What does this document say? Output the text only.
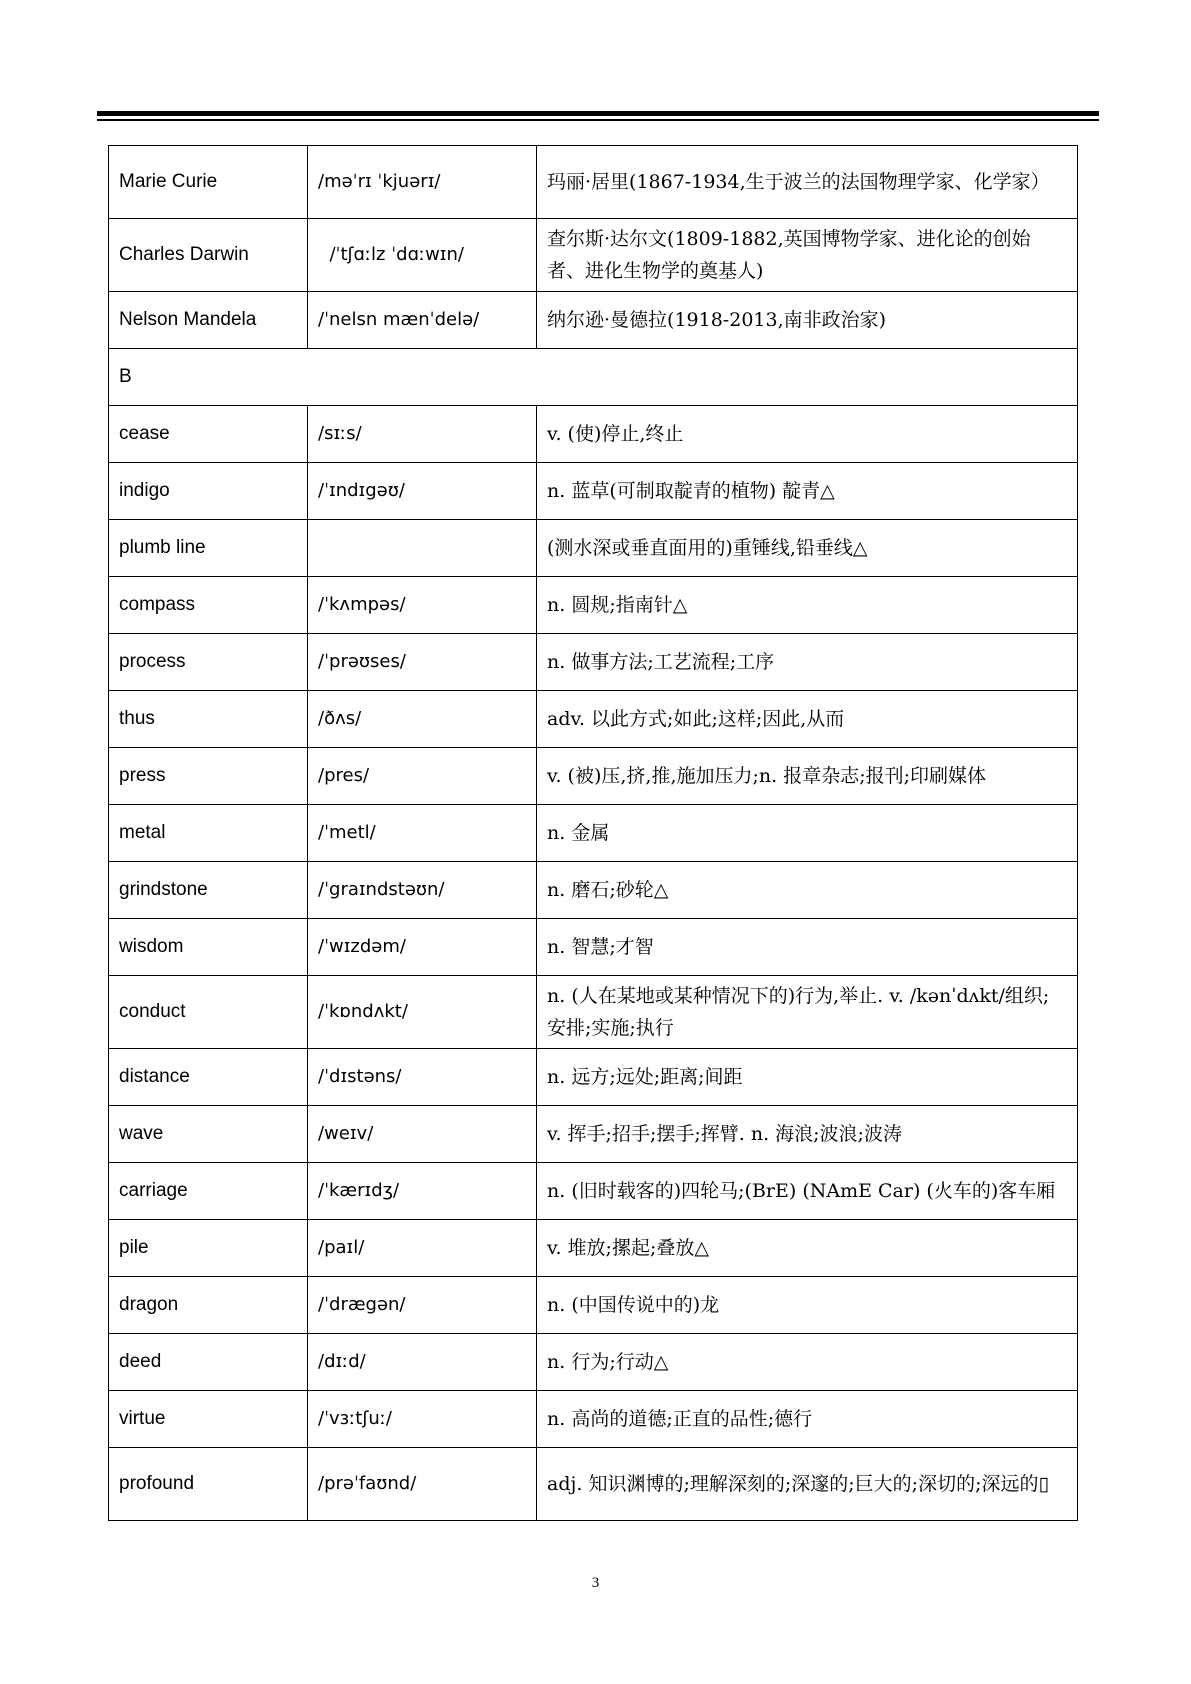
Marie Curie	/məˈrɪ ˈkjuərɪ/	玛丽·居里(1867-1934,生于波兰的法国物理学家、化学家）
Charles Darwin	/ˈtʃɑːlz ˈdɑːwɪn/	查尔斯·达尔文(1809-1882,英国博物学家、进化论的创始者、进化生物学的奠基人)
Nelson Mandela	/ˈnelsn mænˈdelə/	纳尔逊·曼德拉(1918-2013,南非政治家)
B		
cease	/sɪːs/	v. (使)停止,终止
indigo	/ˈɪndɪgəʊ/	n. 蓝草(可制取靛青的植物) 靛青△
plumb line		(测水深或垂直面用的)重锤线,铅垂线△
compass	/ˈkʌmpəs/	n. 圆规;指南针△
process	/ˈprəʊses/	n. 做事方法;工艺流程;工序
thus	/ðʌs/	adv. 以此方式;如此;这样;因此,从而
press	/pres/	v. (被)压,挤,推,施加压力;n. 报章杂志;报刊;印刷媒体
metal	/ˈmetl/	n. 金属
grindstone	/ˈgraɪndstəʊn/	n. 磨石;砂轮△
wisdom	/ˈwɪzdəm/	n. 智慧;才智
conduct	/ˈkɒndʌkt/	n. (人在某地或某种情况下的)行为,举止. v. /kənˈdʌkt/组织;安排;实施;执行
distance	/ˈdɪstəns/	n. 远方;远处;距离;间距
wave	/weɪv/	v. 挥手;招手;摆手;挥臂. n. 海浪;波浪;波涛
carriage	/ˈkærɪdʒ/	n. (旧时载客的)四轮马;(BrE) (NAmE Car) (火车的)客车厢
pile	/paɪl/	v. 堆放;摞起;叠放△
dragon	/ˈdrægən/	n. (中国传说中的)龙
deed	/dɪːd/	n. 行为;行动△
virtue	/ˈvɜːtʃuː/	n. 高尚的道德;正直的品性;德行
profound	/prəˈfaʊnd/	adj. 知识渊博的;理解深刻的;深邃的;巨大的;深切的;深远的▯
3
